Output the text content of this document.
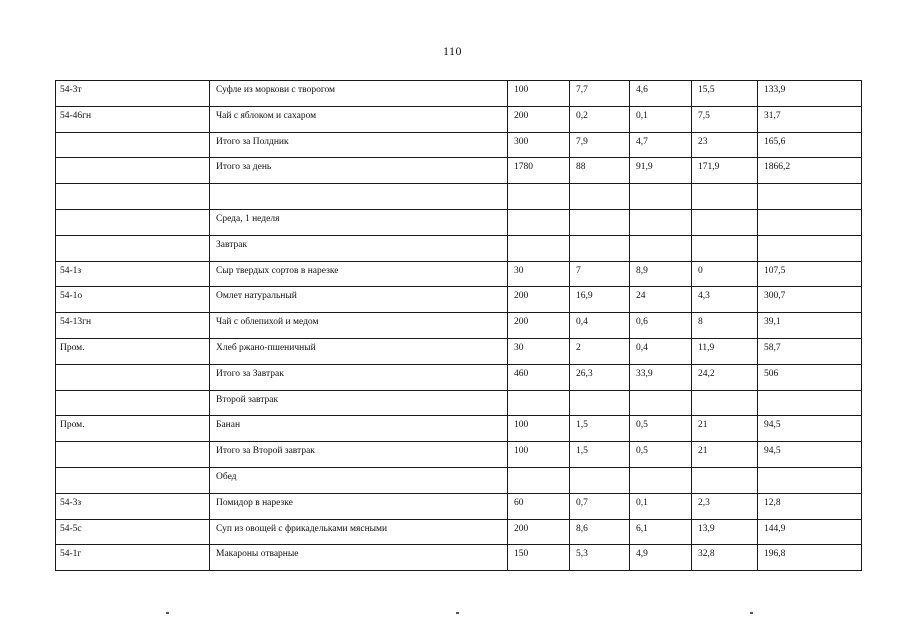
110
54-3т	Суфле из моркови с творогом	100	7,7	4,6	15,5	133,9
54-46гн	Чай с яблоком и сахаром	200	0,2	0,1	7,5	31,7
	Итого за Полдник	300	7,9	4,7	23	165,6
	Итого за день	1780	88	91,9	171,9	1866,2

	Среда, 1 неделя					
	Завтрак					
54-1з	Сыр твердых сортов в нарезке	30	7	8,9	0	107,5
54-1о	Омлет натуральный	200	16,9	24	4,3	300,7
54-13гн	Чай с облепихой и медом	200	0,4	0,6	8	39,1
Пром.	Хлеб ржано-пшеничный	30	2	0,4	11,9	58,7
	Итого за Завтрак	460	26,3	33,9	24,2	506
	Второй завтрак					
Пром.	Банан	100	1,5	0,5	21	94,5
	Итого за Второй завтрак	100	1,5	0,5	21	94,5
	Обед					
54-3з	Помидор в нарезке	60	0,7	0,1	2,3	12,8
54-5с	Суп из овощей с фрикадельками мясными	200	8,6	6,1	13,9	144,9
54-1г	Макароны отварные	150	5,3	4,9	32,8	196,8
